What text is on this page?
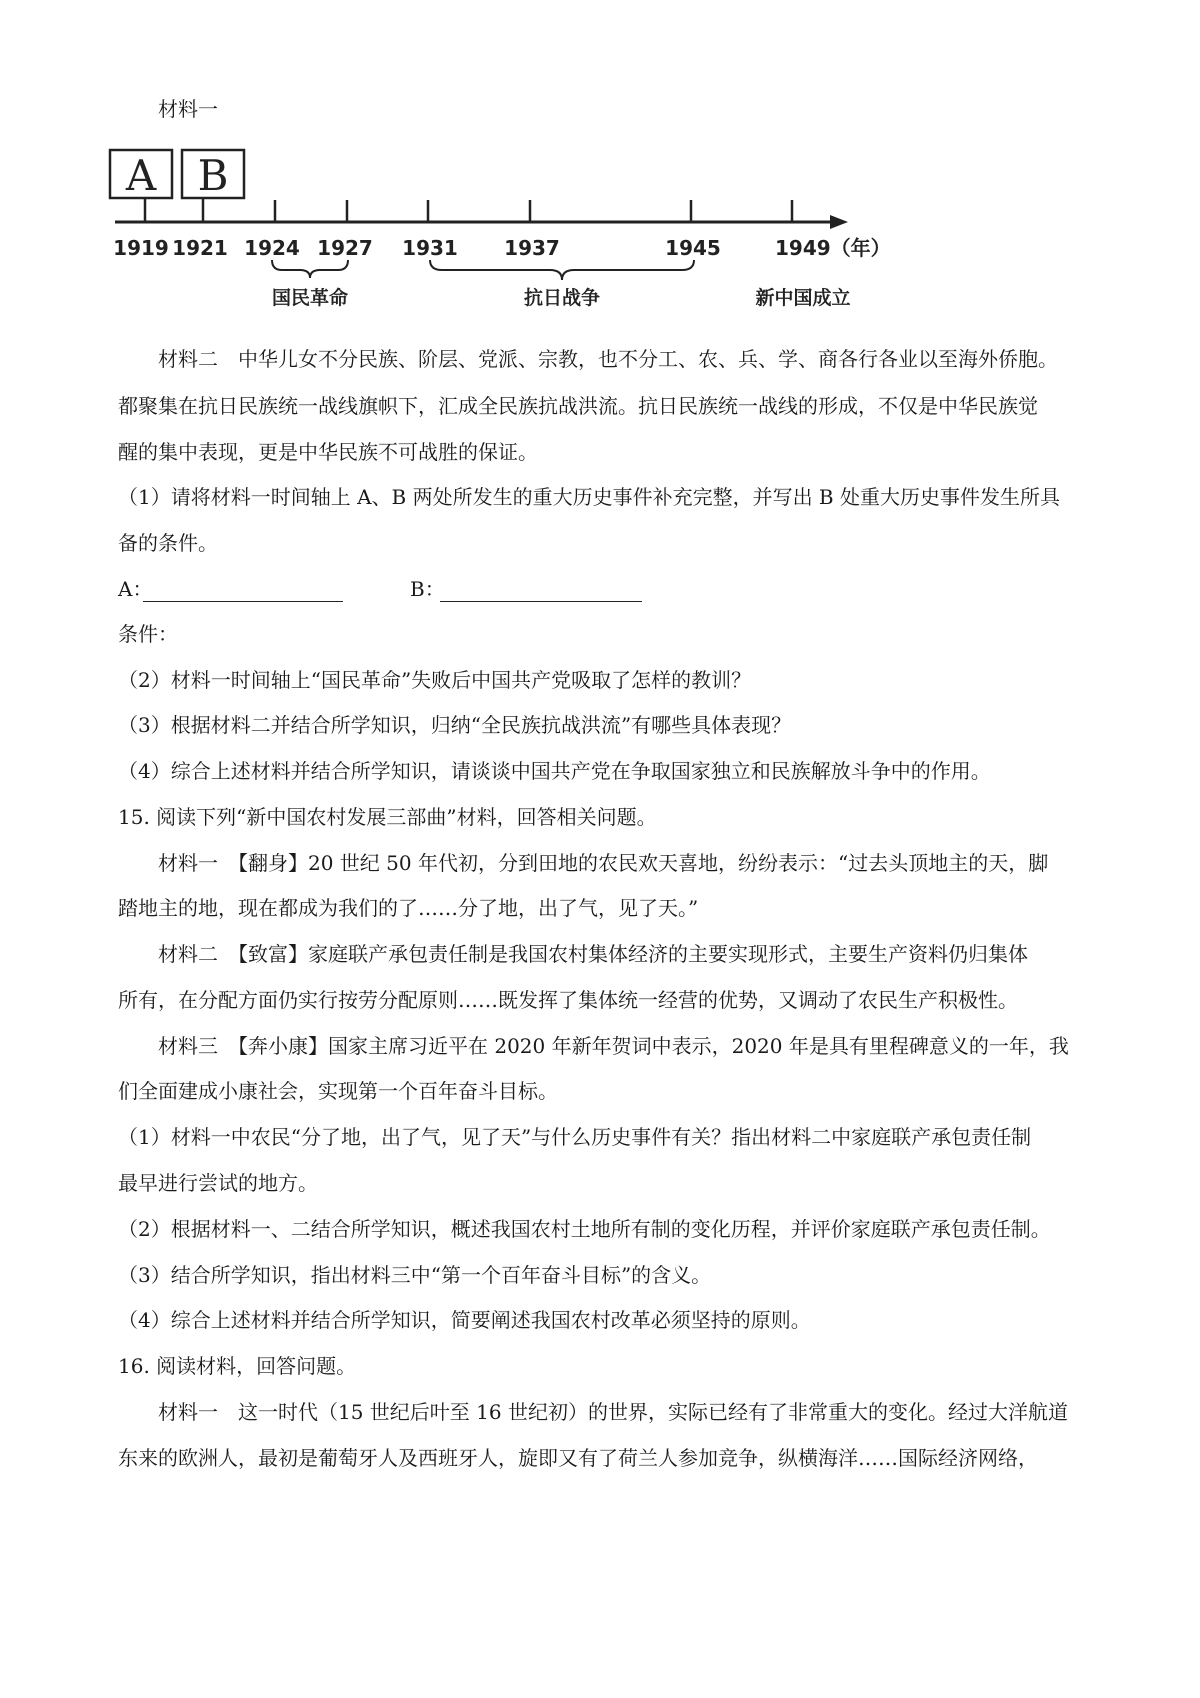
材料一
A B
1919 1921 1924 1927 1931 1937	1945	1949（年）
国民革命	抗日战争	新中国成立
材料二　中华儿女不分民族、阶层、党派、宗教，也不分工、农、兵、学、商各行各业以至海外侨胞。
都聚集在抗日民族统一战线旗帜下，汇成全民族抗战洪流。抗日民族统一战线的形成，不仅是中华民族觉
醒的集中表现，更是中华民族不可战胜的保证。
（1）请将材料一时间轴上 A、B 两处所发生的重大历史事件补充完整，并写出 B 处重大历史事件发生所具
备的条件。
A：	B：
条件：
（2）材料一时间轴上“国民革命”失败后中国共产党吸取了怎样的教训？
（3）根据材料二并结合所学知识，归纳“全民族抗战洪流”有哪些具体表现？
（4）综合上述材料并结合所学知识，请谈谈中国共产党在争取国家独立和民族解放斗争中的作用。
15. 阅读下列“新中国农村发展三部曲”材料，回答相关问题。
材料一　【翻身】20 世纪 50 年代初，分到田地的农民欢天喜地，纷纷表示：“过去头顶地主的天，脚
踏地主的地，现在都成为我们的了……分了地，出了气，见了天。”
材料二　【致富】家庭联产承包责任制是我国农村集体经济的主要实现形式，主要生产资料仍归集体
所有，在分配方面仍实行按劳分配原则……既发挥了集体统一经营的优势，又调动了农民生产积极性。
材料三　【奔小康】国家主席习近平在 2020 年新年贺词中表示，2020 年是具有里程碑意义的一年，我
们全面建成小康社会，实现第一个百年奋斗目标。
（1）材料一中农民“分了地，出了气，见了天”与什么历史事件有关？指出材料二中家庭联产承包责任制
最早进行尝试的地方。
（2）根据材料一、二结合所学知识，概述我国农村土地所有制的变化历程，并评价家庭联产承包责任制。
（3）结合所学知识，指出材料三中“第一个百年奋斗目标”的含义。
（4）综合上述材料并结合所学知识，简要阐述我国农村改革必须坚持的原则。
16. 阅读材料，回答问题。
材料一　这一时代（15 世纪后叶至 16 世纪初）的世界，实际已经有了非常重大的变化。经过大洋航道
东来的欧洲人，最初是葡萄牙人及西班牙人，旋即又有了荷兰人参加竞争，纵横海洋……国际经济网络，
